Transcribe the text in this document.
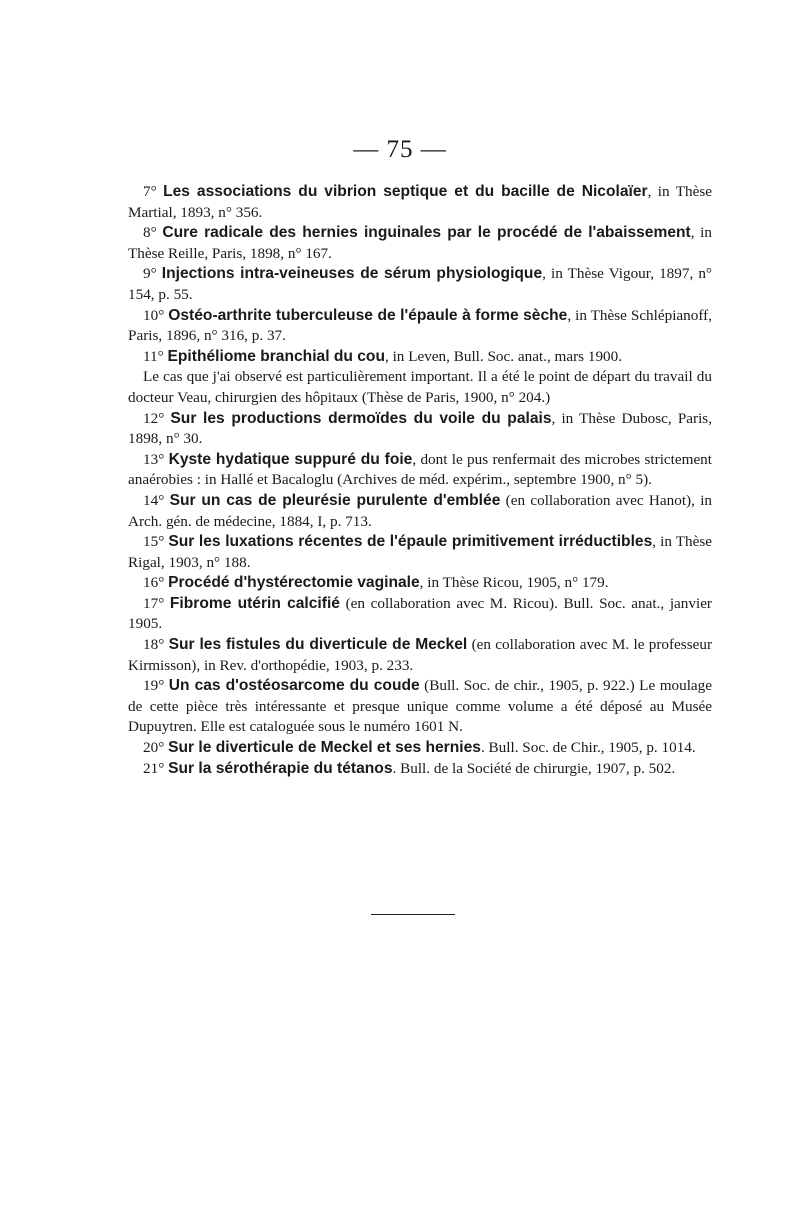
— 75 —

7° Les associations du vibrion septique et du bacille de Nicolaïer, in Thèse Martial, 1893, n° 356.

8° Cure radicale des hernies inguinales par le procédé de l'abaissement, in Thèse Reille, Paris, 1898, n° 167.

9° Injections intra-veineuses de sérum physiologique, in Thèse Vigour, 1897, n° 154, p. 55.

10° Ostéo-arthrite tuberculeuse de l'épaule à forme sèche, in Thèse Schlépianoff, Paris, 1896, n° 316, p. 37.

11° Epithéliome branchial du cou, in Leven, Bull. Soc. anat., mars 1900.

Le cas que j'ai observé est particulièrement important. Il a été le point de départ du travail du docteur Veau, chirurgien des hôpitaux (Thèse de Paris, 1900, n° 204.)

12° Sur les productions dermoïdes du voile du palais, in Thèse Dubosc, Paris, 1898, n° 30.

13° Kyste hydatique suppuré du foie, dont le pus renfermait des microbes strictement anaérobies : in Hallé et Bacaloglu (Archives de méd. expérim., septembre 1900, n° 5).

14° Sur un cas de pleurésie purulente d'emblée (en collaboration avec Hanot), in Arch. gén. de médecine, 1884, I, p. 713.

15° Sur les luxations récentes de l'épaule primitivement irréductibles, in Thèse Rigal, 1903, n° 188.

16° Procédé d'hystérectomie vaginale, in Thèse Ricou, 1905, n° 179.

17° Fibrome utérin calcifié (en collaboration avec M. Ricou). Bull. Soc. anat., janvier 1905.

18° Sur les fistules du diverticule de Meckel (en collaboration avec M. le professeur Kirmisson), in Rev. d'orthopédie, 1903, p. 233.

19° Un cas d'ostéosarcome du coude (Bull. Soc. de chir., 1905, p. 922.) Le moulage de cette pièce très intéressante et presque unique comme volume a été déposé au Musée Dupuytren. Elle est cataloguée sous le numéro 1601 N.

20° Sur le diverticule de Meckel et ses hernies. Bull. Soc. de Chir., 1905, p. 1014.

21° Sur la sérothérapie du tétanos. Bull. de la Société de chirurgie, 1907, p. 502.
